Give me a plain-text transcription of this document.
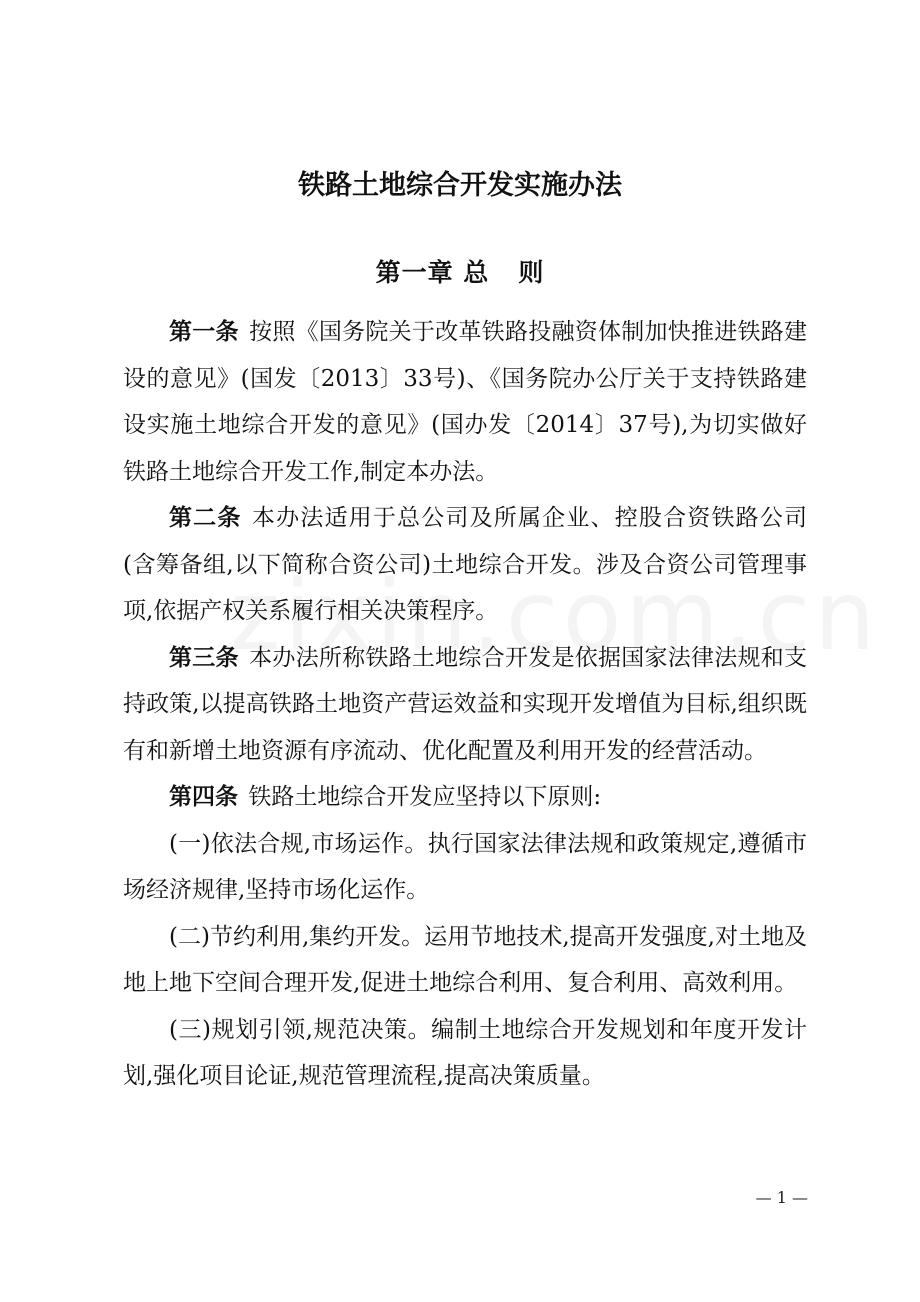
铁路土地综合开发实施办法
第一章 总   则

第一条 按照《国务院关于改革铁路投融资体制加快推进铁路建设的意见》(国发〔2013〕33号)、《国务院办公厅关于支持铁路建设实施土地综合开发的意见》(国办发〔2014〕37号),为切实做好铁路土地综合开发工作,制定本办法。

第二条 本办法适用于总公司及所属企业、控股合资铁路公司(含筹备组,以下简称合资公司)土地综合开发。涉及合资公司管理事项,依据产权关系履行相关决策程序。

第三条 本办法所称铁路土地综合开发是依据国家法律法规和支持政策,以提高铁路土地资产营运效益和实现开发增值为目标,组织既有和新增土地资源有序流动、优化配置及利用开发的经营活动。

第四条 铁路土地综合开发应坚持以下原则:

(一)依法合规,市场运作。执行国家法律法规和政策规定,遵循市场经济规律,坚持市场化运作。

(二)节约利用,集约开发。运用节地技术,提高开发强度,对土地及地上地下空间合理开发,促进土地综合利用、复合利用、高效利用。

(三)规划引领,规范决策。编制土地综合开发规划和年度开发计划,强化项目论证,规范管理流程,提高决策质量。

— 1 —
